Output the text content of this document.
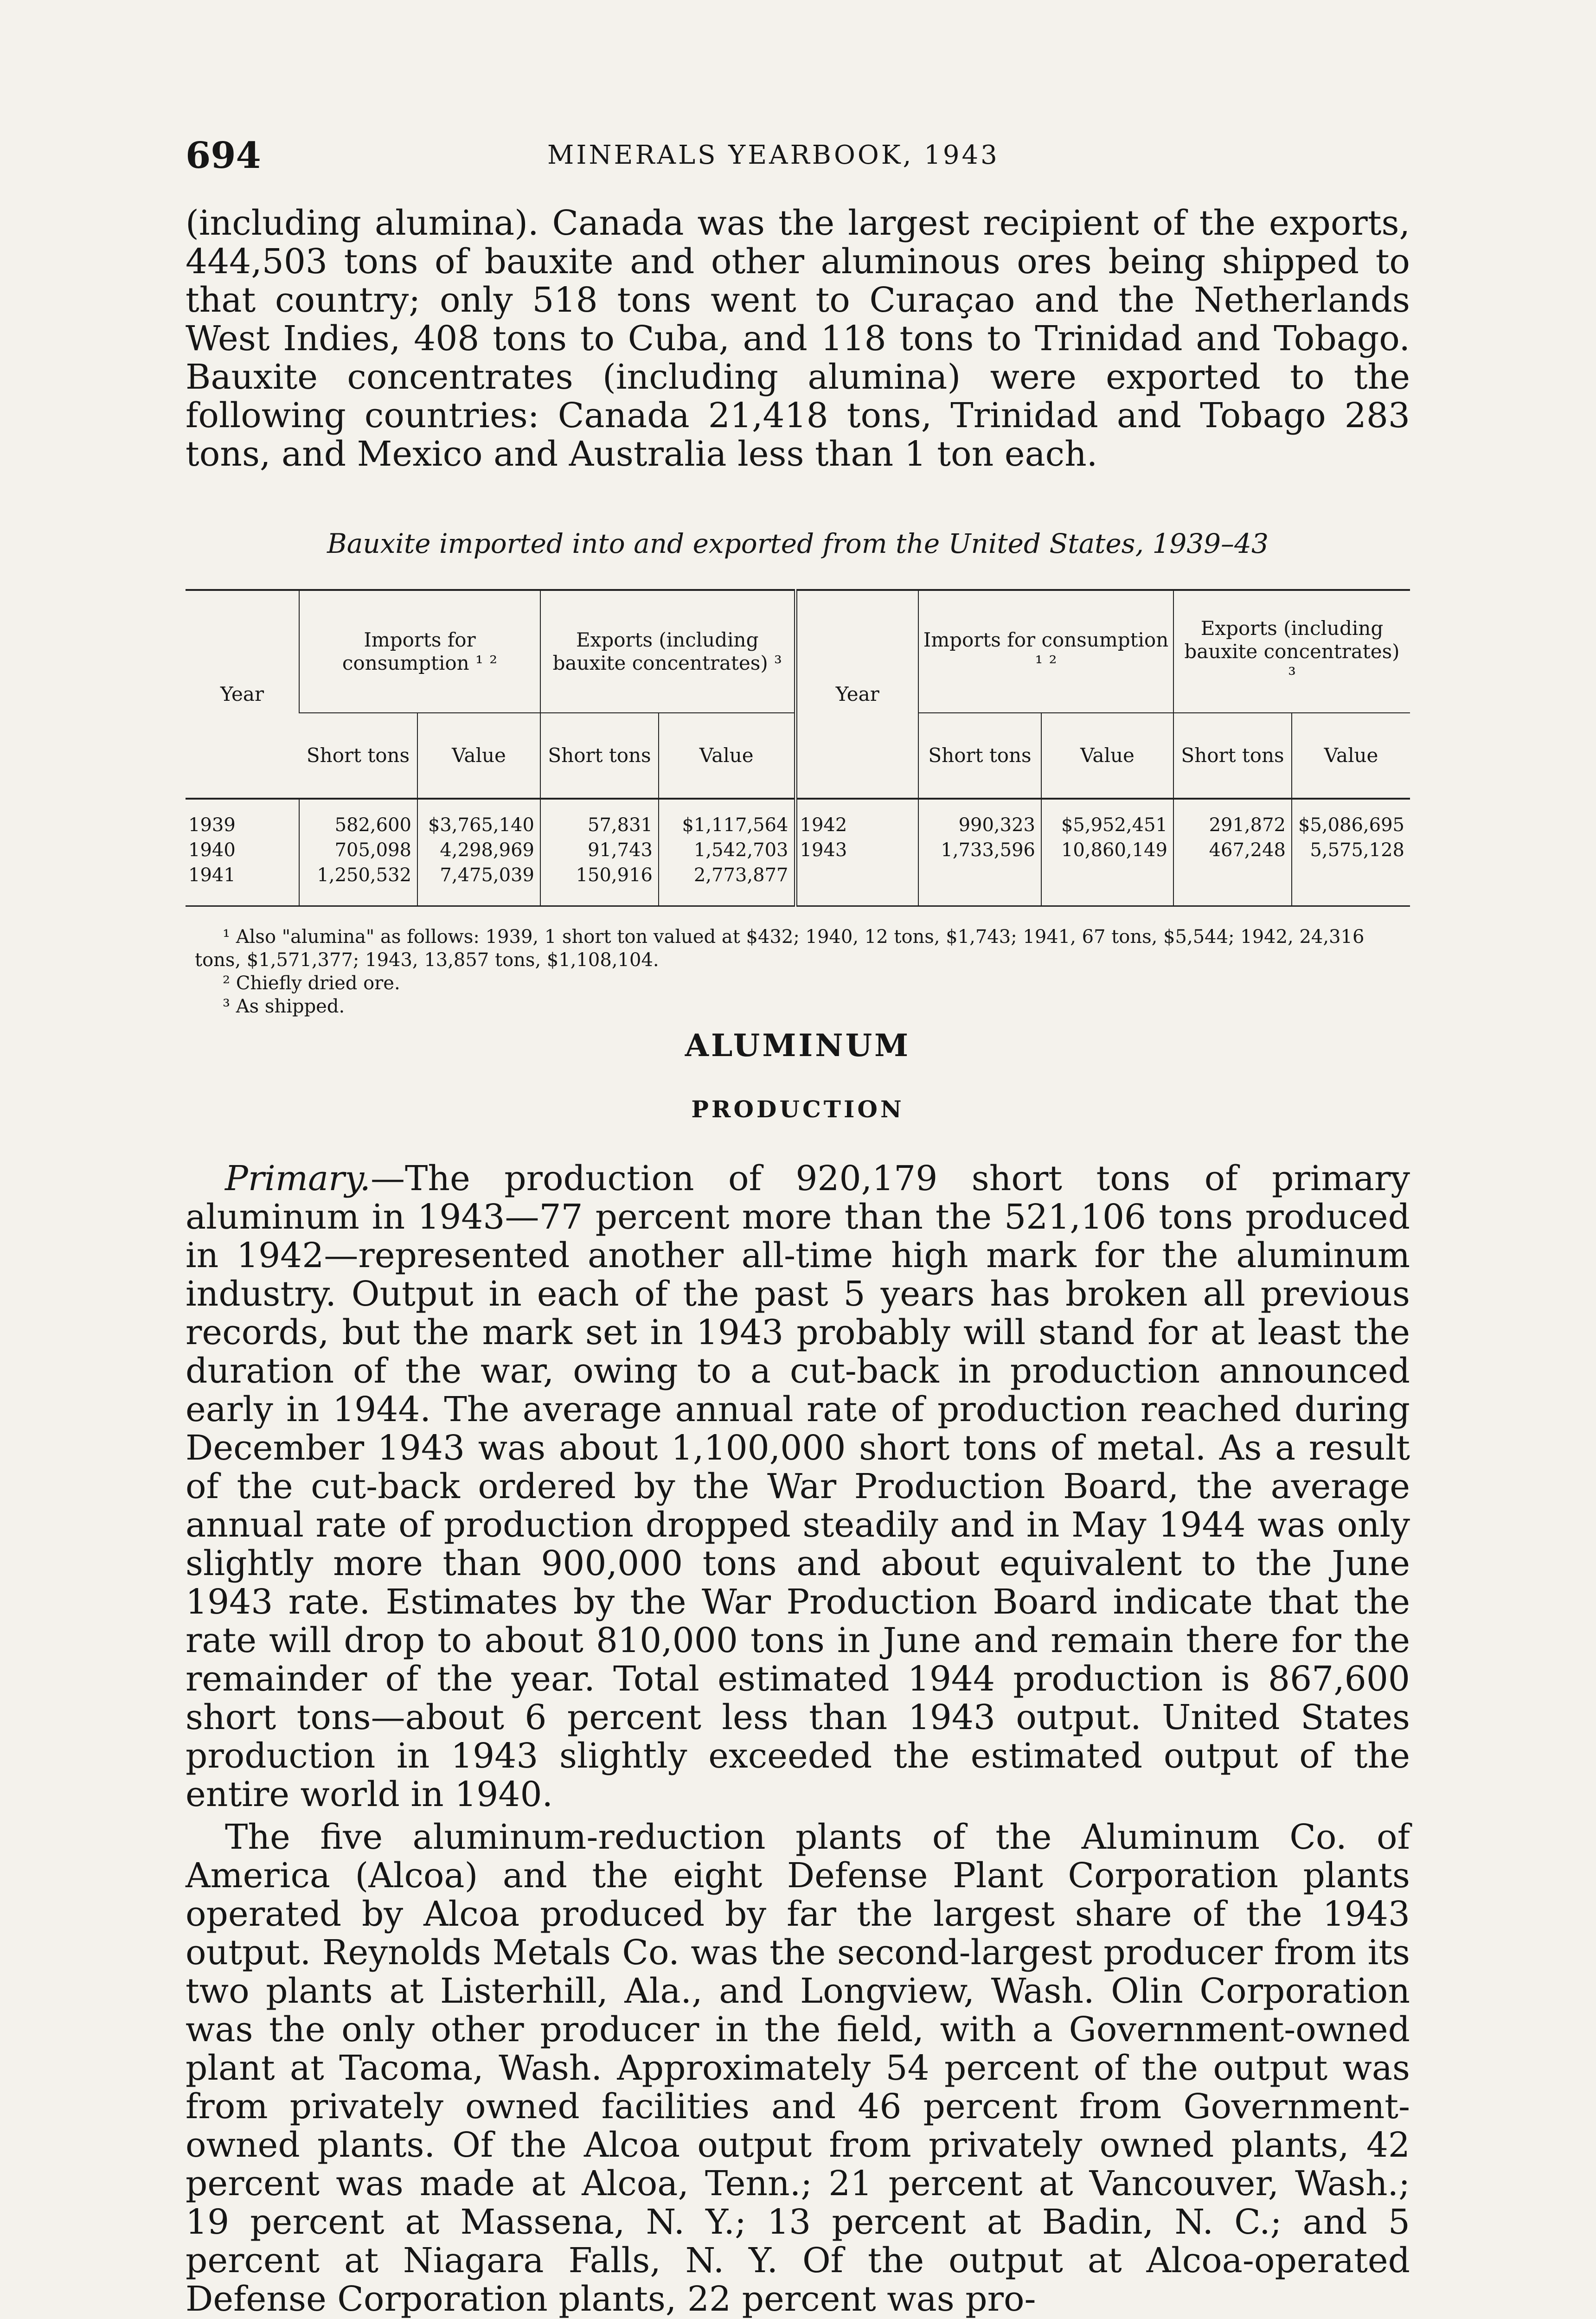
694	MINERALS YEARBOOK, 1943

(including alumina). Canada was the largest recipient of the exports, 444,503 tons of bauxite and other aluminous ores being shipped to that country; only 518 tons went to Curaçao and the Netherlands West Indies, 408 tons to Cuba, and 118 tons to Trinidad and Tobago. Bauxite concentrates (including alumina) were exported to the following countries: Canada 21,418 tons, Trinidad and Tobago 283 tons, and Mexico and Australia less than 1 ton each.

Bauxite imported into and exported from the United States, 1939–43
Year	Imports for consumption ¹ ²		Exports (including bauxite concentrates) ³		Year	Imports for consumption ¹ ²		Exports (including bauxite concentrates) ³	
	Short tons	Value	Short tons	Value		Short tons	Value	Short tons	Value
1939	582,600	$3,765,140	57,831	$1,117,564	1942	990,323	$5,952,451	291,872	$5,086,695
1940	705,098	4,298,969	91,743	1,542,703	1943	1,733,596	10,860,149	467,248	5,575,128
1941	1,250,532	7,475,039	150,916	2,773,877					
¹ Also "alumina" as follows: 1939, 1 short ton valued at $432; 1940, 12 tons, $1,743; 1941, 67 tons, $5,544; 1942, 24,316 tons, $1,571,377; 1943, 13,857 tons, $1,108,104.
² Chiefly dried ore.
³ As shipped.
ALUMINUM
PRODUCTION

Primary.—The production of 920,179 short tons of primary aluminum in 1943—77 percent more than the 521,106 tons produced in 1942—represented another all-time high mark for the aluminum industry. Output in each of the past 5 years has broken all previous records, but the mark set in 1943 probably will stand for at least the duration of the war, owing to a cut-back in production announced early in 1944. The average annual rate of production reached during December 1943 was about 1,100,000 short tons of metal. As a result of the cut-back ordered by the War Production Board, the average annual rate of production dropped steadily and in May 1944 was only slightly more than 900,000 tons and about equivalent to the June 1943 rate. Estimates by the War Production Board indicate that the rate will drop to about 810,000 tons in June and remain there for the remainder of the year. Total estimated 1944 production is 867,600 short tons—about 6 percent less than 1943 output. United States production in 1943 slightly exceeded the estimated output of the entire world in 1940.

The five aluminum-reduction plants of the Aluminum Co. of America (Alcoa) and the eight Defense Plant Corporation plants operated by Alcoa produced by far the largest share of the 1943 output. Reynolds Metals Co. was the second-largest producer from its two plants at Listerhill, Ala., and Longview, Wash. Olin Corporation was the only other producer in the field, with a Government-owned plant at Tacoma, Wash. Approximately 54 percent of the output was from privately owned facilities and 46 percent from Government-owned plants. Of the Alcoa output from privately owned plants, 42 percent was made at Alcoa, Tenn.; 21 percent at Vancouver, Wash.; 19 percent at Massena, N. Y.; 13 percent at Badin, N. C.; and 5 percent at Niagara Falls, N. Y. Of the output at Alcoa-operated Defense Corporation plants, 22 percent was pro-
